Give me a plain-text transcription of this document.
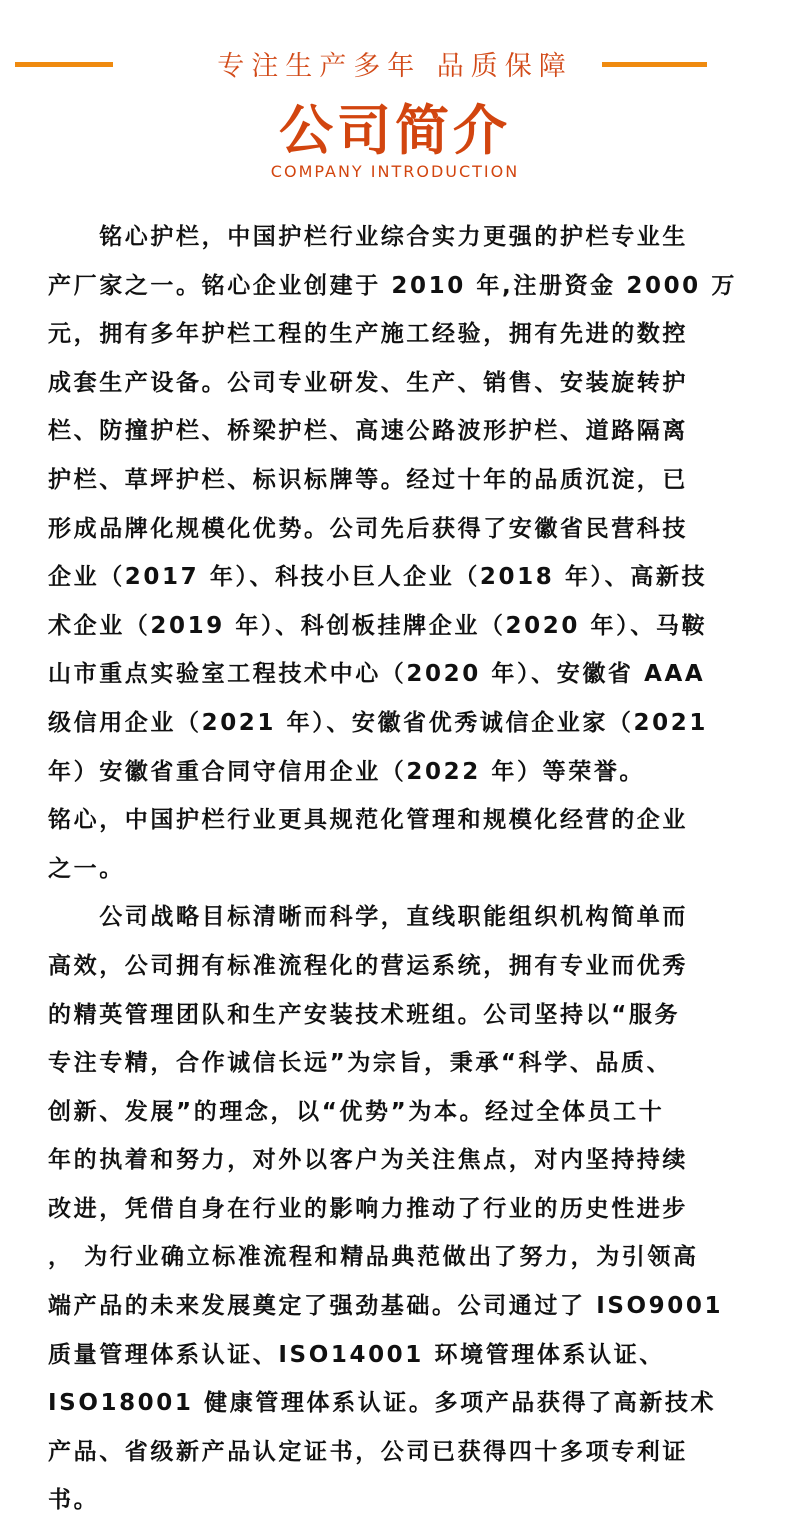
专注生产多年 品质保障
公司简介
COMPANY INTRODUCTION
　　铭心护栏，中国护栏行业综合实力更强的护栏专业生
产厂家之一。铭心企业创建于 2010 年,注册资金 2000 万
元，拥有多年护栏工程的生产施工经验，拥有先进的数控
成套生产设备。公司专业研发、生产、销售、安装旋转护
栏、防撞护栏、桥梁护栏、高速公路波形护栏、道路隔离
护栏、草坪护栏、标识标牌等。经过十年的品质沉淀，已
形成品牌化规模化优势。公司先后获得了安徽省民营科技
企业（2017 年）、科技小巨人企业（2018 年）、高新技
术企业（2019 年）、科创板挂牌企业（2020 年）、马鞍
山市重点实验室工程技术中心（2020 年）、安徽省 AAA
级信用企业（2021 年）、安徽省优秀诚信企业家（2021
年）安徽省重合同守信用企业（2022 年）等荣誉。
铭心，中国护栏行业更具规范化管理和规模化经营的企业
之一。
　　公司战略目标清晰而科学，直线职能组织机构简单而
高效，公司拥有标准流程化的营运系统，拥有专业而优秀
的精英管理团队和生产安装技术班组。公司坚持以“服务
专注专精，合作诚信长远”为宗旨，秉承“科学、品质、
创新、发展”的理念，以“优势”为本。经过全体员工十
年的执着和努力，对外以客户为关注焦点，对内坚持持续
改进，凭借自身在行业的影响力推动了行业的历史性进步
， 为行业确立标准流程和精品典范做出了努力，为引领高
端产品的未来发展奠定了强劲基础。公司通过了 ISO9001
质量管理体系认证、ISO14001 环境管理体系认证、
ISO18001 健康管理体系认证。多项产品获得了高新技术
产品、省级新产品认定证书，公司已获得四十多项专利证
书。
